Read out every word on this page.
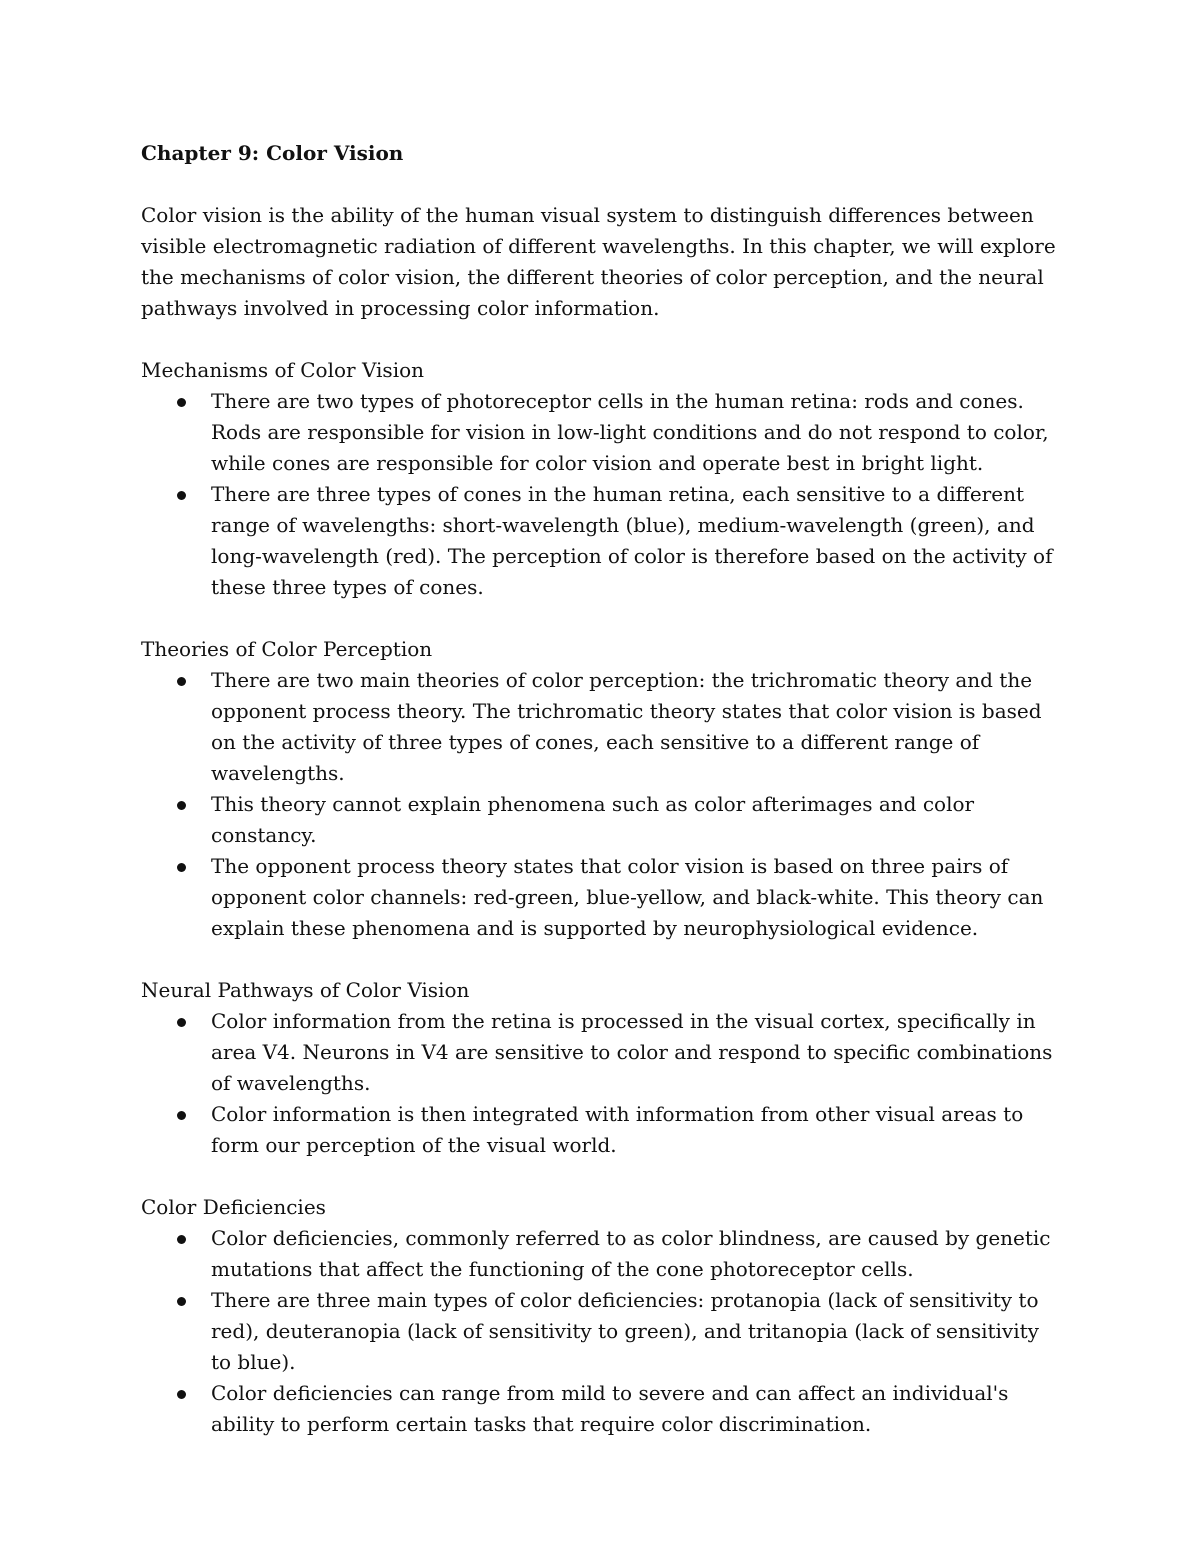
Chapter 9: Color Vision

Color vision is the ability of the human visual system to distinguish differences between visible electromagnetic radiation of different wavelengths. In this chapter, we will explore the mechanisms of color vision, the different theories of color perception, and the neural pathways involved in processing color information.

Mechanisms of Color Vision

There are two types of photoreceptor cells in the human retina: rods and cones. Rods are responsible for vision in low-light conditions and do not respond to color, while cones are responsible for color vision and operate best in bright light.
There are three types of cones in the human retina, each sensitive to a different range of wavelengths: short-wavelength (blue), medium-wavelength (green), and long-wavelength (red). The perception of color is therefore based on the activity of these three types of cones.

Theories of Color Perception

There are two main theories of color perception: the trichromatic theory and the opponent process theory. The trichromatic theory states that color vision is based on the activity of three types of cones, each sensitive to a different range of wavelengths.
This theory cannot explain phenomena such as color afterimages and color constancy.
The opponent process theory states that color vision is based on three pairs of opponent color channels: red-green, blue-yellow, and black-white. This theory can explain these phenomena and is supported by neurophysiological evidence.

Neural Pathways of Color Vision

Color information from the retina is processed in the visual cortex, specifically in area V4. Neurons in V4 are sensitive to color and respond to specific combinations of wavelengths.
Color information is then integrated with information from other visual areas to form our perception of the visual world.

Color Deficiencies

Color deficiencies, commonly referred to as color blindness, are caused by genetic mutations that affect the functioning of the cone photoreceptor cells.
There are three main types of color deficiencies: protanopia (lack of sensitivity to red), deuteranopia (lack of sensitivity to green), and tritanopia (lack of sensitivity to blue).
Color deficiencies can range from mild to severe and can affect an individual's ability to perform certain tasks that require color discrimination.
